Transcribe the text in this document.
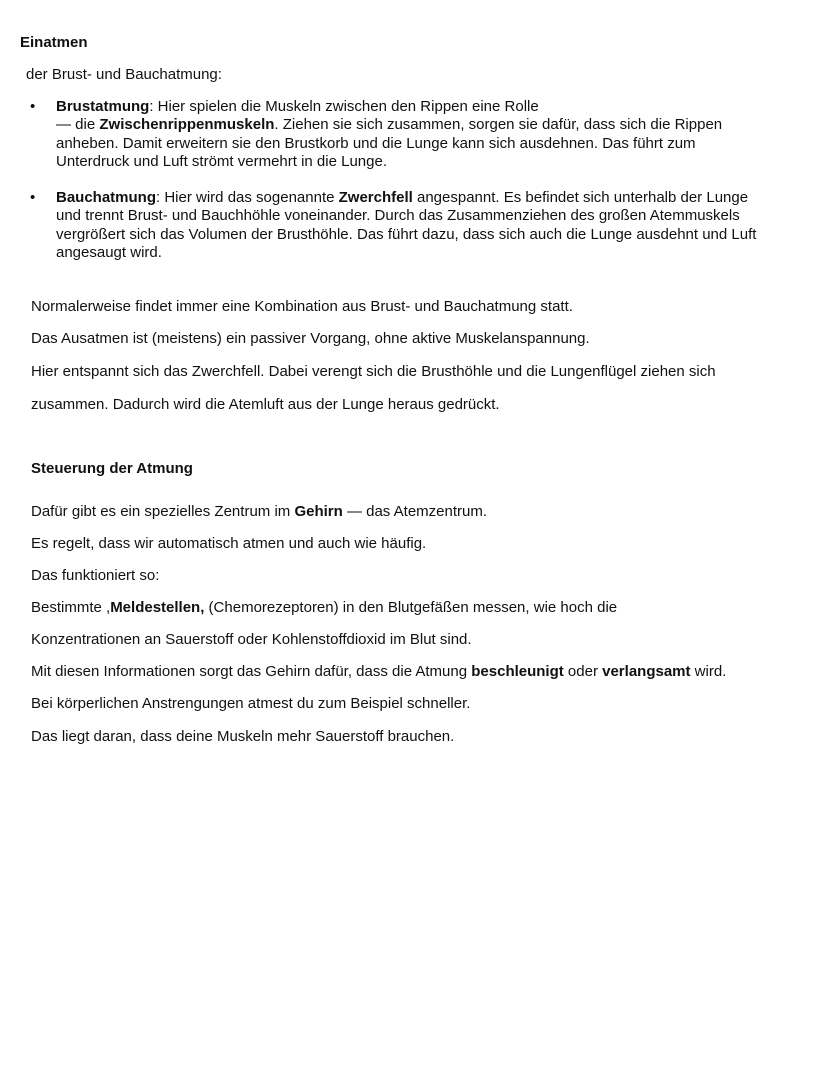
Einatmen

der Brust- und Bauchatmung:

• Brustatmung: Hier spielen die Muskeln zwischen den Rippen eine Rolle
— die Zwischenrippenmuskeln. Ziehen sie sich zusammen, sorgen sie dafür, dass sich die Rippen anheben. Damit erweitern sie den Brustkorb und die Lunge kann sich ausdehnen. Das führt zum Unterdruck und Luft strömt vermehrt in die Lunge.
• Bauchatmung: Hier wird das sogenannte Zwerchfell angespannt. Es befindet sich unterhalb der Lunge und trennt Brust- und Bauchhöhle voneinander. Durch das Zusammenziehen des großen Atemmuskels vergrößert sich das Volumen der Brusthöhle. Das führt dazu, dass sich auch die Lunge ausdehnt und Luft angesaugt wird.

Normalerweise findet immer eine Kombination aus Brust- und Bauchatmung statt.

Das Ausatmen ist (meistens) ein passiver Vorgang, ohne aktive Muskelanspannung.

Hier entspannt sich das Zwerchfell. Dabei verengt sich die Brusthöhle und die Lungenflügel ziehen sich

zusammen. Dadurch wird die Atemluft aus der Lunge heraus gedrückt.

Steuerung der Atmung

Dafür gibt es ein spezielles Zentrum im Gehirn — das Atemzentrum.

Es regelt, dass wir automatisch atmen und auch wie häufig.

Das funktioniert so:

Bestimmte ,Meldestellen, (Chemorezeptoren) in den Blutgefäßen messen, wie hoch die

Konzentrationen an Sauerstoff oder Kohlenstoffdioxid im Blut sind.

Mit diesen Informationen sorgt das Gehirn dafür, dass die Atmung beschleunigt oder verlangsamt wird.

Bei körperlichen Anstrengungen atmest du zum Beispiel schneller.

Das liegt daran, dass deine Muskeln mehr Sauerstoff brauchen.
